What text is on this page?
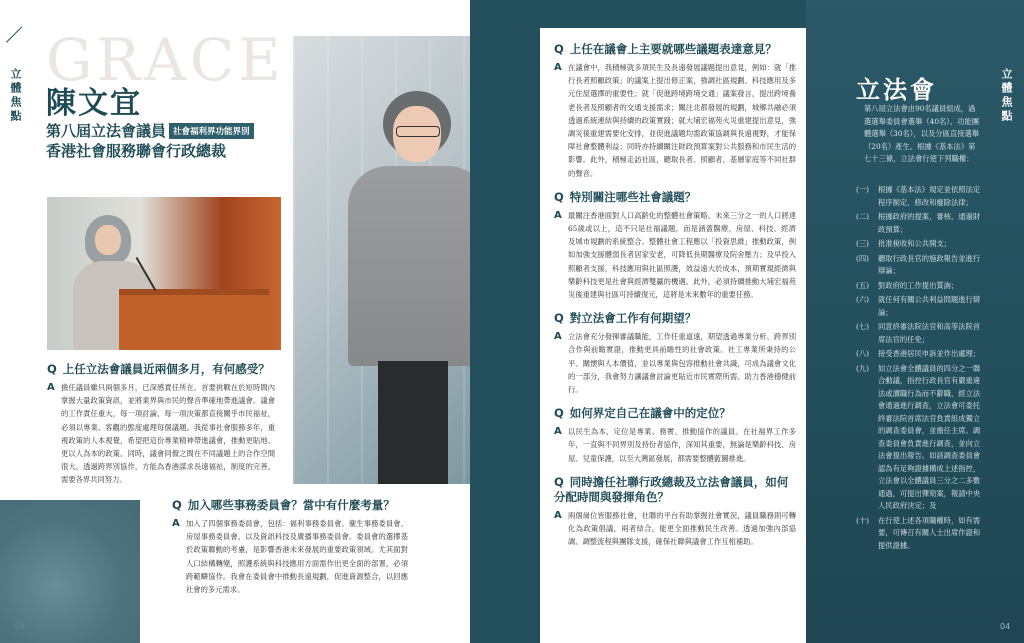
立體焦點
GRACE
陳文宜
第八屆立法會議員 社會福利界功能界別
香港社會服務聯會行政總裁
Q 上任立法會議員近兩個多月，有何感受？
A 擔任議員雖只兩個多月，已深感責任所在。首要挑戰在於短時間內掌握大量政策資訊，並將業界與市民的聲音準確地帶進議會。議會的工作責任重大，每一項討論、每一項決策都直接關乎市民福祉，必須以專業、客觀的態度處理每個議題。我從事社會服務多年，重視政策的人本視覺，希望把這份專業精神帶進議會，推動更貼地、更以人為本的政策。同時，議會同僚之間在不同議題上的合作空間很大，透過跨界別協作，方能為香港謀求長遠福祉，制度的完善，需要各界共同努力。

Q 加入哪些事務委員會？當中有什麼考量？
A 加入了四個事務委員會，包括：福利事務委員會、衞生事務委員會、房屋事務委員會，以及資訊科技及廣播事務委員會。委員會的選擇基於政策聯動的考慮，是影響香港未來發展的重要政策領域。尤其面對人口結構轉變，照護系統與科技應用方面需作出更全面的部署，必須跨範疇協作。我會在委員會中推動長遠規劃，促進資源整合，以回應社會的多元需求。

03
Q 上任在議會上主要就哪些議題表達意見？
A 在議會中，我積極就多項民生及長遠發展議題提出意見，例如：就「推行長者照顧政策」的議案上提出修正案，強調社區規劃、科技應用及多元住屋選擇的重要性；就「促進跨境跨境交通」議案發言，提出跨境養老長者及照顧者的交通支援需求；關注北都發展的規劃，城鄉共融必須透過系統連結與持續的政策實踐；就大埔宏福苑火災重建提出意見，強調災後重建需要化安排，並促進議題均需政策協調與長遠視野，才能保障社會整體利益；同時亦持續關注財政預算案對公共服務和市民生活的影響。此外，積極走訪社區，聽取長者、照顧者、基層家庭等不同社群的聲音。

Q 特別關注哪些社會議題？
A 最關注香港面對人口高齡化的整體社會策略。未來三分之一的人口將達65歲或以上，這不只是社福議題，而是涵蓋醫療、房屋、科技、經濟及城市規劃的系統整合。整體社會工程應以「投資思維」推動政策，例如加強支援體弱長者居家安老，可降低長期醫療及院舍壓力；及早投入照顧者支援，科技應用與社區照護，效益遠大於成本，預期實現經濟與樂齡科技更是社會與經濟雙贏的機遇。此外，必須持續推動大埔宏福苑災後重建與社區可持續復元，這將是未來數年的重要任務。

Q 對立法會工作有何期望？
A 立法會充分發揮審議職能，工作任重道遠，期望透過專業分析、跨界別合作與前瞻實證，推動更具前瞻性的社會政策。社工專業所秉持的公平、關懷與人本價值，並以專業與包容推動社會共識，可成為議會文化的一部分，我會努力讓議會討論更貼近市民實際所需、助力香港穩健前行。

Q 如何界定自己在議會中的定位？
A 以民生為本，定位是專業、務實、推動協作的議員。在社福界工作多年，一直與不同界別及持份者協作，深知其重要，無論是樂齡科技、房屋、兒童保護，以至大灣區發展，都需要整體藍圖推進。

Q 同時擔任社聯行政總裁及立法會議員，如何分配時間與發揮角色？
A 兩個崗位皆服務社會，社聯的平台有助掌握社會實況，議員職務則可轉化為政策倡議，兩者結合，能更全面推動民生改善。透過加強內部協調、調整流程與團隊支援，確保社聯與議會工作互相補助。

立體焦點
立法會
第八屆立法會由90名議員組成，過選選舉委員會選舉（40名）、功能團體選舉（30名），以及分區直接選舉（20名）產生。根據《基本法》第七十三條，立法會行使下列職權：
(一)	根據《基本法》規定並依照法定程序制定、修改和廢除法律；
(二)	根據政府的提案，審核、通過財政預算；
(三)	批准稅收和公共開支；
(四)	聽取行政長官的施政報告並進行辯論；
(五)	對政府的工作提出質詢；
(六)	就任何有關公共利益問題進行辯論；
(七)	同意終審法院法官和高等法院首席法官的任免；
(八)	接受香港居民申訴並作出處理；
(九)	如立法會全體議員的四分之一聯合動議，指控行政長官有嚴重違法或瀆職行為而不辭職，經立法會通過進行調查，立法會可委托終審法院首席法官負責組成獨立的調查委員會，並擔任主席。調查委員會負責進行調查，並向立法會提出報告。如該調查委員會認為有足夠證據構成上述指控，立法會以全體議員三分之二多數通過，可提出彈劾案，報請中央人民政府決定；及
(十)	在行使上述各項職權時，如有需要，可傳召有關人士出席作證和提供證據。
04
